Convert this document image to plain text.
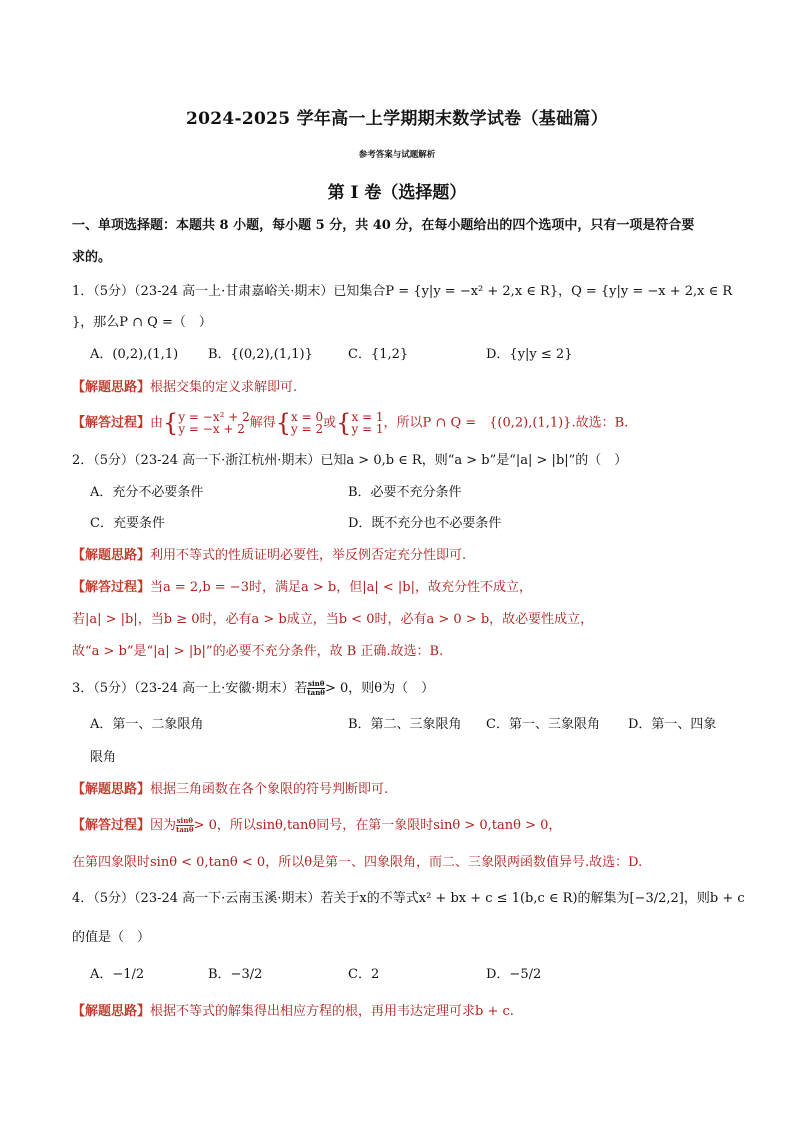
2024-2025 学年高一上学期期末数学试卷（基础篇）
参考答案与试题解析
第 I 卷（选择题）
一、单项选择题：本题共 8 小题，每小题 5 分，共 40 分，在每小题给出的四个选项中，只有一项是符合要
求的。
1．（5分）（23-24 高一上·甘肃嘉峪关·期末）已知集合P = {y|y = −x² + 2,x ∈ R}，Q = {y|y = −x + 2,x ∈ R
}，那么P ∩ Q =（　）
A．(0,2),(1,1) B．{(0,2),(1,1)}	C．{1,2}	D．{y|y ≤ 2}
【解题思路】根据交集的定义求解即可.
【解答过程】由{y = −x² + 2
y = −x + 2 解得{x = 0
y = 2或{x = 1
y = 1，所以P ∩ Q =　{(0,2),(1,1)}.故选：B.
2．（5分）（23-24 高一下·浙江杭州·期末）已知a > 0,b ∈ R，则“a > b”是“|a| > |b|”的（　）
A．充分不必要条件	B．必要不充分条件
C．充要条件	D．既不充分也不必要条件
【解题思路】利用不等式的性质证明必要性，举反例否定充分性即可.
【解答过程】当a = 2,b = −3时，满足a > b，但|a| < |b|，故充分性不成立，
若|a| > |b|，当b ≥ 0时，必有a > b成立，当b < 0时，必有a > 0 > b，故必要性成立，
故“a > b”是“|a| > |b|”的必要不充分条件，故 B 正确.故选：B.
3．（5分）（23-24 高一上·安徽·期末）若$\frac{\sin\theta}{\tan\theta}> 0$，则θ为（　）
A．第一、二象限角	B．第二、三象限角 C．第一、三象限角 D．第一、四象
限角
【解题思路】根据三角函数在各个象限的符号判断即可.
【解答过程】因为$\frac{\sin\theta}{\tan\theta}> 0$，所以sinθ,tanθ同号，在第一象限时sinθ > 0,tanθ > 0，
在第四象限时sinθ < 0,tanθ < 0，所以θ是第一、四象限角，而二、三象限两函数值异号.故选：D.
4．（5分）（23-24 高一下·云南玉溪·期末）若关于x的不等式x² + bx + c ≤ 1(b,c ∈ R)的解集为[−3/2,2]，则b + c
的值是（　）
A．−1/2	B．−3/2	C．2	D．−5/2
【解题思路】根据不等式的解集得出相应方程的根，再用韦达定理可求b + c.
